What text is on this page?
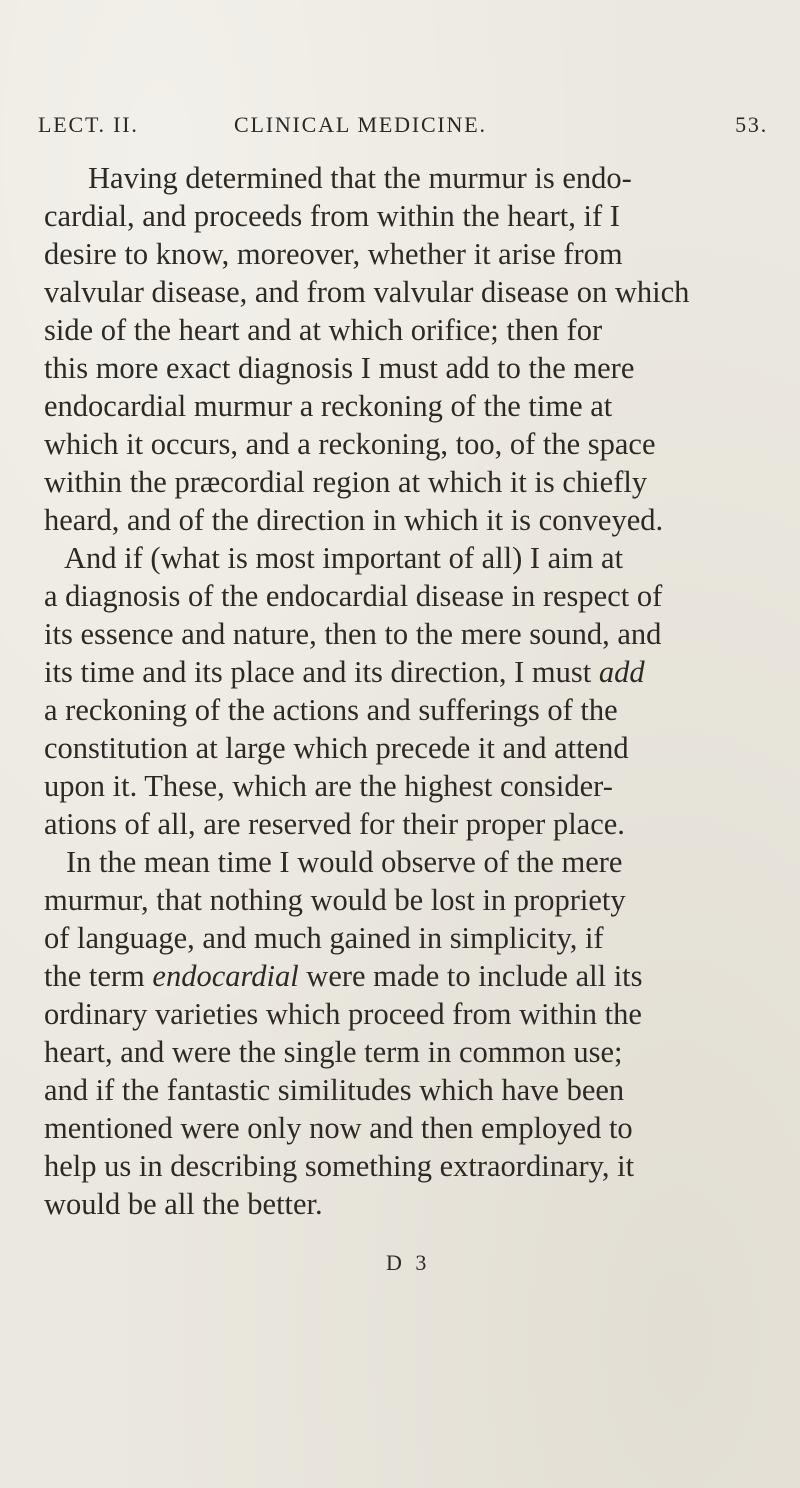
LECT. II.	CLINICAL MEDICINE.	53.
Having determined that the murmur is endo-
cardial, and proceeds from within the heart, if I
desire to know, moreover, whether it arise from
valvular disease, and from valvular disease on which
side of the heart and at which orifice; then for
this more exact diagnosis I must add to the mere
endocardial murmur a reckoning of the time at
which it occurs, and a reckoning, too, of the space
within the præcordial region at which it is chiefly
heard, and of the direction in which it is conveyed.
And if (what is most important of all) I aim at
a diagnosis of the endocardial disease in respect of
its essence and nature, then to the mere sound, and
its time and its place and its direction, I must add
a reckoning of the actions and sufferings of the
constitution at large which precede it and attend
upon it. These, which are the highest consider-
ations of all, are reserved for their proper place.
In the mean time I would observe of the mere
murmur, that nothing would be lost in propriety
of language, and much gained in simplicity, if
the term endocardial were made to include all its
ordinary varieties which proceed from within the
heart, and were the single term in common use;
and if the fantastic similitudes which have been
mentioned were only now and then employed to
help us in describing something extraordinary, it
would be all the better.
D 3
